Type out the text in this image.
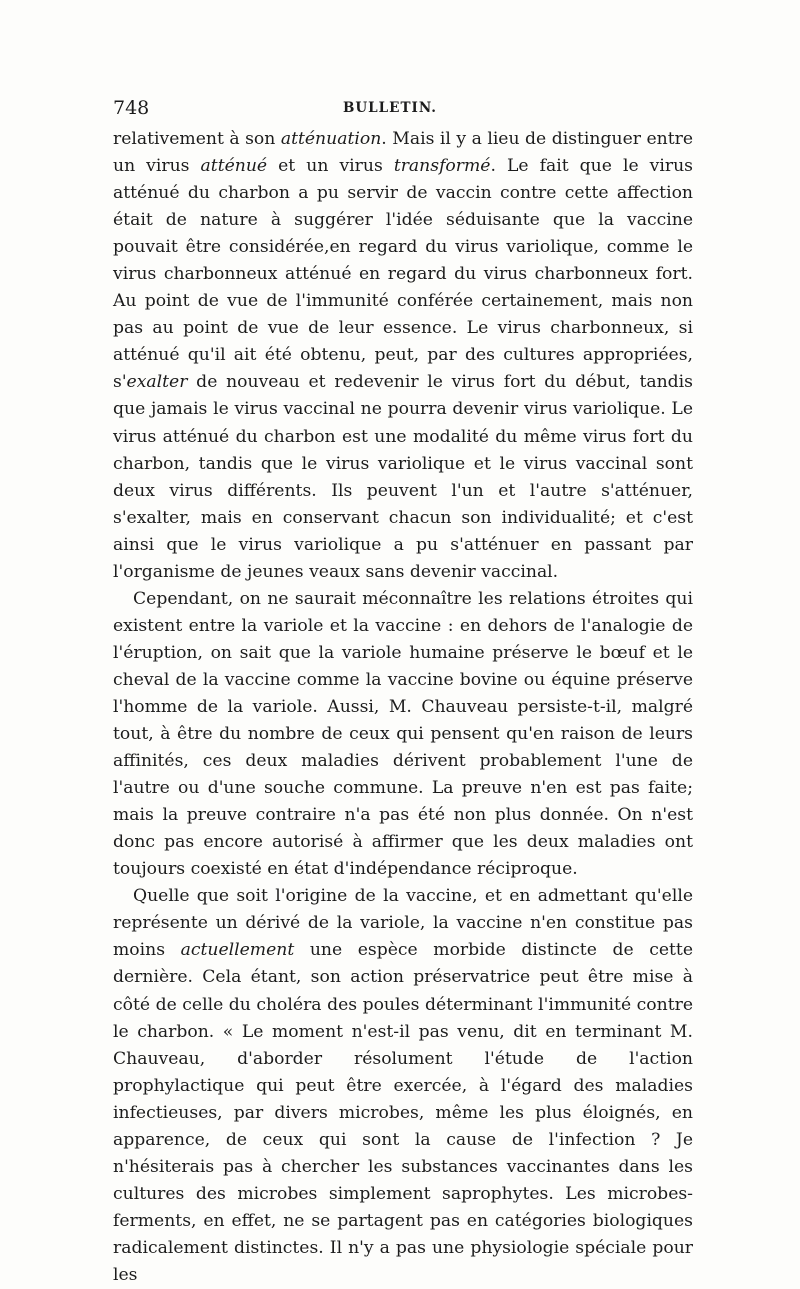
748	BULLETIN.

relativement à son atténuation. Mais il y a lieu de distinguer entre un virus atténué et un virus transformé. Le fait que le virus atténué du charbon a pu servir de vaccin contre cette affection était de nature à suggérer l'idée séduisante que la vaccine pouvait être considérée,en regard du virus variolique, comme le virus charbonneux atténué en regard du virus charbonneux fort. Au point de vue de l'immunité conférée certainement, mais non pas au point de vue de leur essence. Le virus charbonneux, si atténué qu'il ait été obtenu, peut, par des cultures appropriées, s'exalter de nouveau et redevenir le virus fort du début, tandis que jamais le virus vaccinal ne pourra devenir virus variolique. Le virus atténué du charbon est une modalité du même virus fort du charbon, tandis que le virus variolique et le virus vaccinal sont deux virus différents. Ils peuvent l'un et l'autre s'atténuer, s'exalter, mais en conservant chacun son individualité; et c'est ainsi que le virus variolique a pu s'atténuer en passant par l'organisme de jeunes veaux sans devenir vaccinal.

Cependant, on ne saurait méconnaître les relations étroites qui existent entre la variole et la vaccine : en dehors de l'analogie de l'éruption, on sait que la variole humaine préserve le bœuf et le cheval de la vaccine comme la vaccine bovine ou équine préserve l'homme de la variole. Aussi, M. Chauveau persiste-t-il, malgré tout, à être du nombre de ceux qui pensent qu'en raison de leurs affinités, ces deux maladies dérivent probablement l'une de l'autre ou d'une souche commune. La preuve n'en est pas faite; mais la preuve contraire n'a pas été non plus donnée. On n'est donc pas encore autorisé à affirmer que les deux maladies ont toujours coexisté en état d'indépendance réciproque.

Quelle que soit l'origine de la vaccine, et en admettant qu'elle représente un dérivé de la variole, la vaccine n'en constitue pas moins actuellement une espèce morbide distincte de cette dernière. Cela étant, son action préservatrice peut être mise à côté de celle du choléra des poules déterminant l'immunité contre le charbon. « Le moment n'est-il pas venu, dit en terminant M. Chauveau, d'aborder résolument l'étude de l'action prophylactique qui peut être exercée, à l'égard des maladies infectieuses, par divers microbes, même les plus éloignés, en apparence, de ceux qui sont la cause de l'infection ? Je n'hésiterais pas à chercher les substances vaccinantes dans les cultures des microbes simplement saprophytes. Les microbes-ferments, en effet, ne se partagent pas en catégories biologiques radicalement distinctes. Il n'y a pas une physiologie spéciale pour les
